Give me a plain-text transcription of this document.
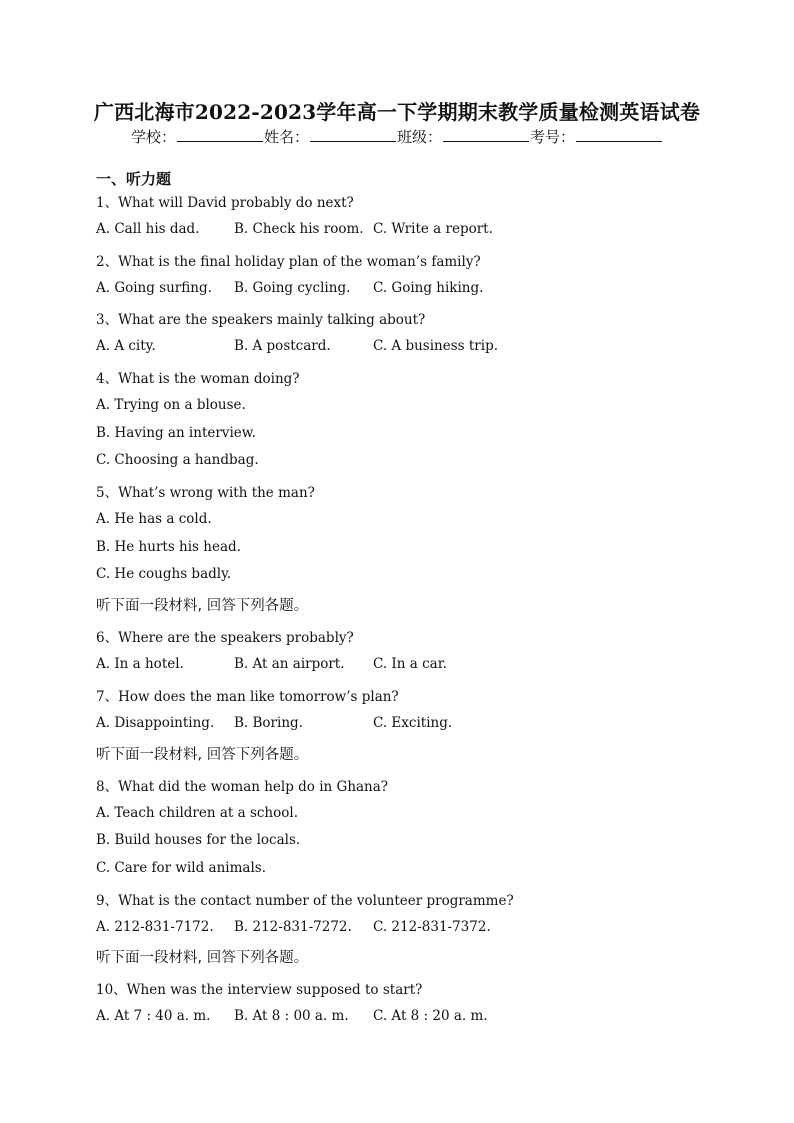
广西北海市2022-2023学年高一下学期期末教学质量检测英语试卷
学校：	姓名：	班级：	考号：
一、听力题
1、What will David probably do next?
A. Call his dad.	B. Check his room. C. Write a report.
2、What is the final holiday plan of the woman’s family?
A. Going surfing. B. Going cycling. C. Going hiking.
3、What are the speakers mainly talking about?
A. A city.	B. A postcard.	C. A business trip.
4、What is the woman doing?
A. Trying on a blouse.
B. Having an interview.
C. Choosing a handbag.
5、What’s wrong with the man?
A. He has a cold.
B. He hurts his head.
C. He coughs badly.
听下面一段材料, 回答下列各题。
6、Where are the speakers probably?
A. In a hotel.	B. At an airport. C. In a car.
7、How does the man like tomorrow’s plan?
A. Disappointing. B. Boring.	C. Exciting.
听下面一段材料, 回答下列各题。
8、What did the woman help do in Ghana?
A. Teach children at a school.
B. Build houses for the locals.
C. Care for wild animals.
9、What is the contact number of the volunteer programme?
A. 212-831-7172. B. 212-831-7272. C. 212-831-7372.
听下面一段材料, 回答下列各题。
10、When was the interview supposed to start?
A. At 7 : 40 a. m. B. At 8 : 00 a. m. C. At 8 : 20 a. m.
